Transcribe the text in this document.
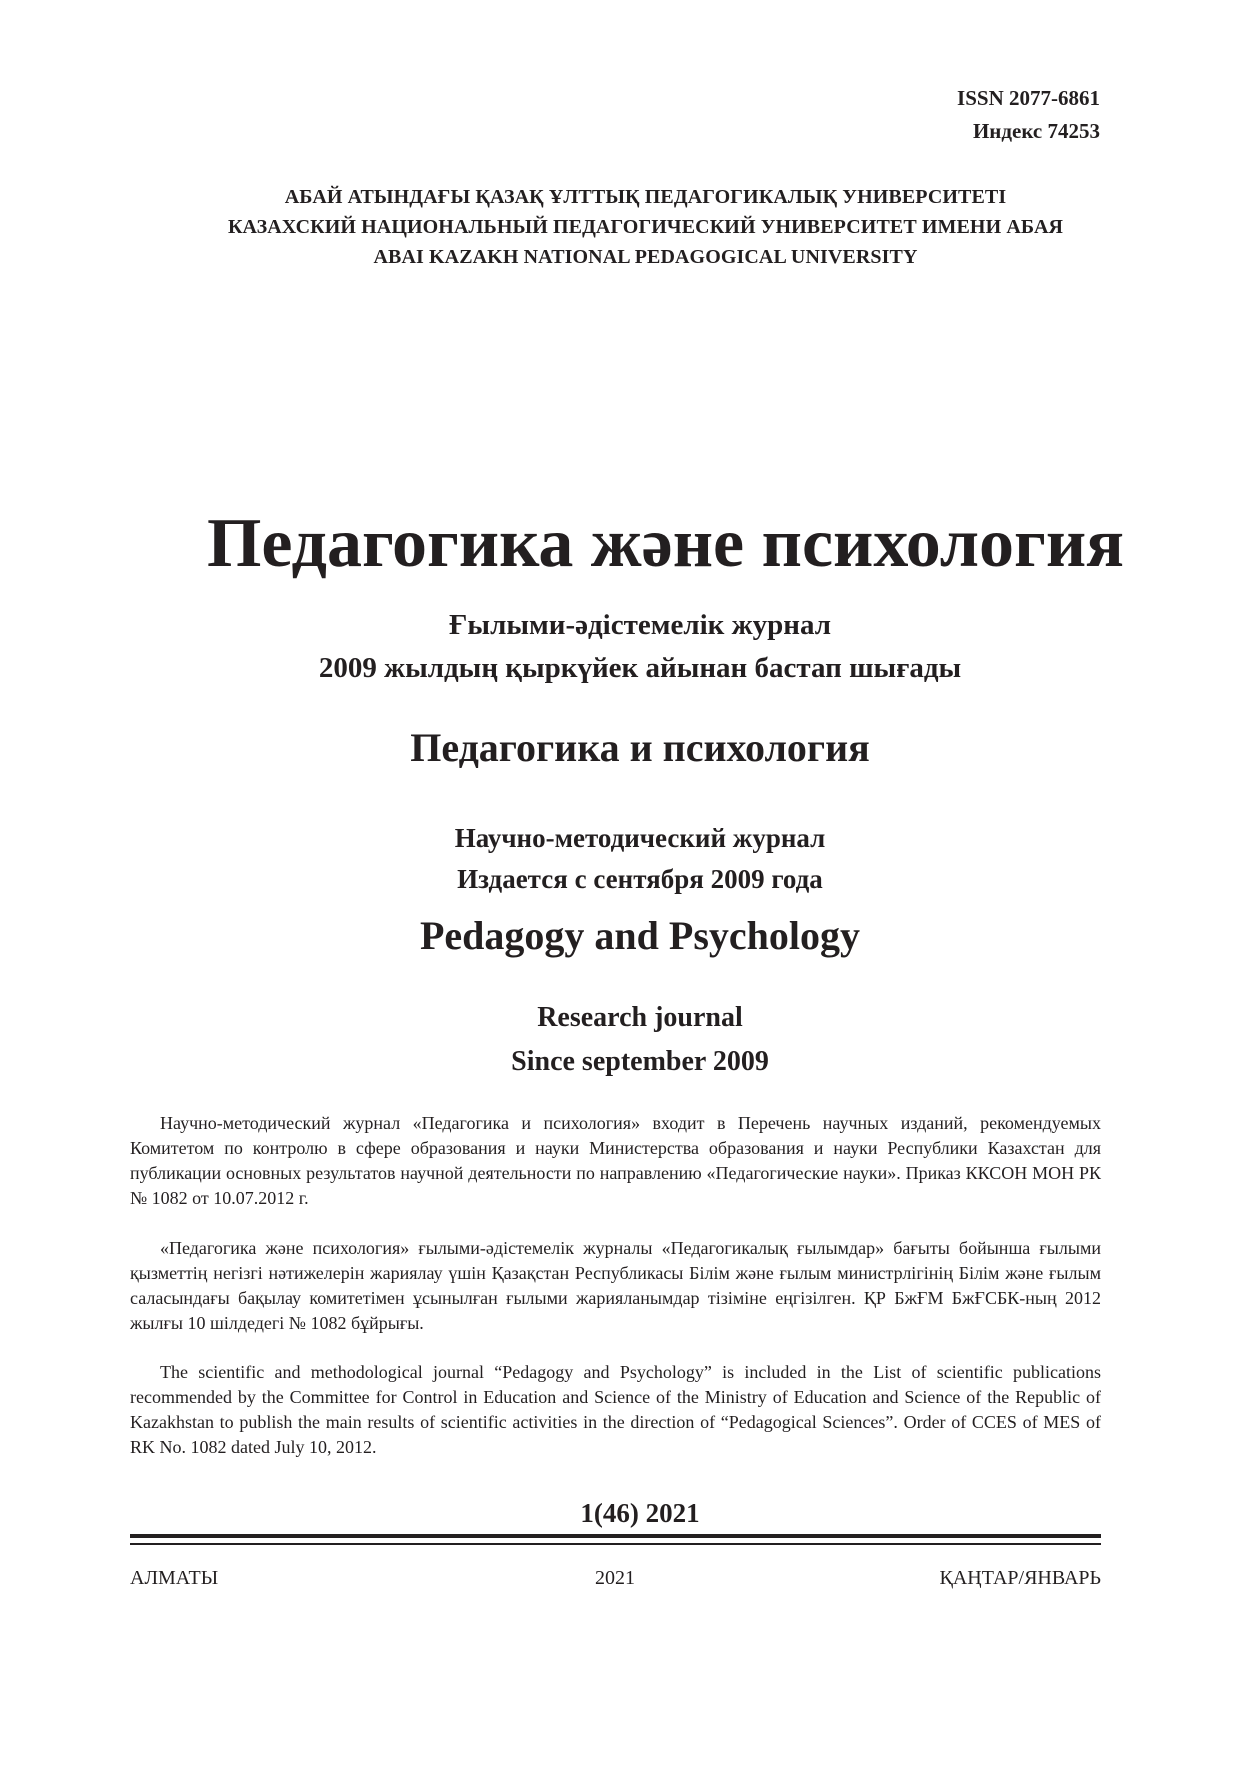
ISSN 2077-6861
Индекс 74253
АБАЙ АТЫНДАҒЫ ҚАЗАҚ ҰЛТТЫҚ ПЕДАГОГИКАЛЫҚ УНИВЕРСИТЕТІ
КАЗАХСКИЙ НАЦИОНАЛЬНЫЙ ПЕДАГОГИЧЕСКИЙ УНИВЕРСИТЕТ ИМЕНИ АБАЯ
ABAI KAZAKH NATIONAL PEDAGOGICAL UNIVERSITY
Педагогика және психология
Ғылыми-әдістемелік журнал
2009 жылдың қыркүйек айынан бастап шығады
Педагогика и психология
Научно-методический журнал
Издается с сентября 2009 года
Pedagogy and Psychology
Research journal
Since september 2009
Научно-методический журнал «Педагогика и психология» входит в Перечень научных изданий, рекомендуемых Комитетом по контролю в сфере образования и науки Министерства образования и науки Республики Казахстан для публикации основных результатов научной деятельности по направлению «Педагогические науки». Приказ ККСОН МОН РК № 1082 от 10.07.2012 г.
«Педагогика және психология» ғылыми-әдістемелік журналы «Педагогикалық ғылымдар» бағыты бойынша ғылыми қызметтің негізгі нәтижелерін жариялау үшін Қазақстан Республикасы Білім және ғылым министрлігінің Білім және ғылым саласындағы бақылау комитетімен ұсынылған ғылыми жарияланымдар тізіміне еңгізілген. ҚР БжҒМ БжҒСБК-ның 2012 жылғы 10 шілдедегі № 1082 бұйрығы.
The scientific and methodological journal “Pedagogy and Psychology” is included in the List of scientific publications recommended by the Committee for Control in Education and Science of the Ministry of Education and Science of the Republic of Kazakhstan to publish the main results of scientific activities in the direction of “Pedagogical Sciences”. Order of CCES of MES of RK No. 1082 dated July 10, 2012.
1(46) 2021
АЛМАТЫ	2021	ҚАҢТАР/ЯНВАРЬ
